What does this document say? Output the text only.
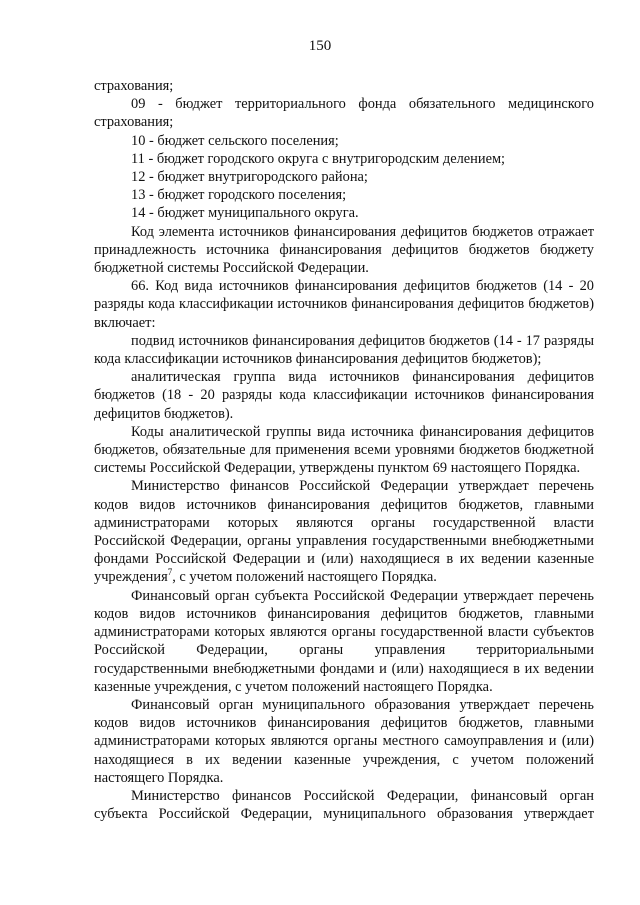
150

страхования;

09 - бюджет территориального фонда обязательного медицинского страхования;

10 - бюджет сельского поселения;

11 - бюджет городского округа с внутригородским делением;

12 - бюджет внутригородского района;

13 - бюджет городского поселения;

14 - бюджет муниципального округа.

Код элемента источников финансирования дефицитов бюджетов отражает принадлежность источника финансирования дефицитов бюджетов бюджету бюджетной системы Российской Федерации.

66. Код вида источников финансирования дефицитов бюджетов (14 - 20 разряды кода классификации источников финансирования дефицитов бюджетов) включает:

подвид источников финансирования дефицитов бюджетов (14 - 17 разряды кода классификации источников финансирования дефицитов бюджетов);

аналитическая группа вида источников финансирования дефицитов бюджетов (18 - 20 разряды кода классификации источников финансирования дефицитов бюджетов).

Коды аналитической группы вида источника финансирования дефицитов бюджетов, обязательные для применения всеми уровнями бюджетов бюджетной системы Российской Федерации, утверждены пунктом 69 настоящего Порядка.

Министерство финансов Российской Федерации утверждает перечень кодов видов источников финансирования дефицитов бюджетов, главными администраторами которых являются органы государственной власти Российской Федерации, органы управления государственными внебюджетными фондами Российской Федерации и (или) находящиеся в их ведении казенные учреждения$^7$, с учетом положений настоящего Порядка.

Финансовый орган субъекта Российской Федерации утверждает перечень кодов видов источников финансирования дефицитов бюджетов, главными администраторами которых являются органы государственной власти субъектов Российской Федерации, органы управления территориальными государственными внебюджетными фондами и (или) находящиеся в их ведении казенные учреждения, с учетом положений настоящего Порядка.

Финансовый орган муниципального образования утверждает перечень кодов видов источников финансирования дефицитов бюджетов, главными администраторами которых являются органы местного самоуправления и (или) находящиеся в их ведении казенные учреждения, с учетом положений настоящего Порядка.

Министерство финансов Российской Федерации, финансовый орган субъекта Российской Федерации, муниципального образования утверждает
